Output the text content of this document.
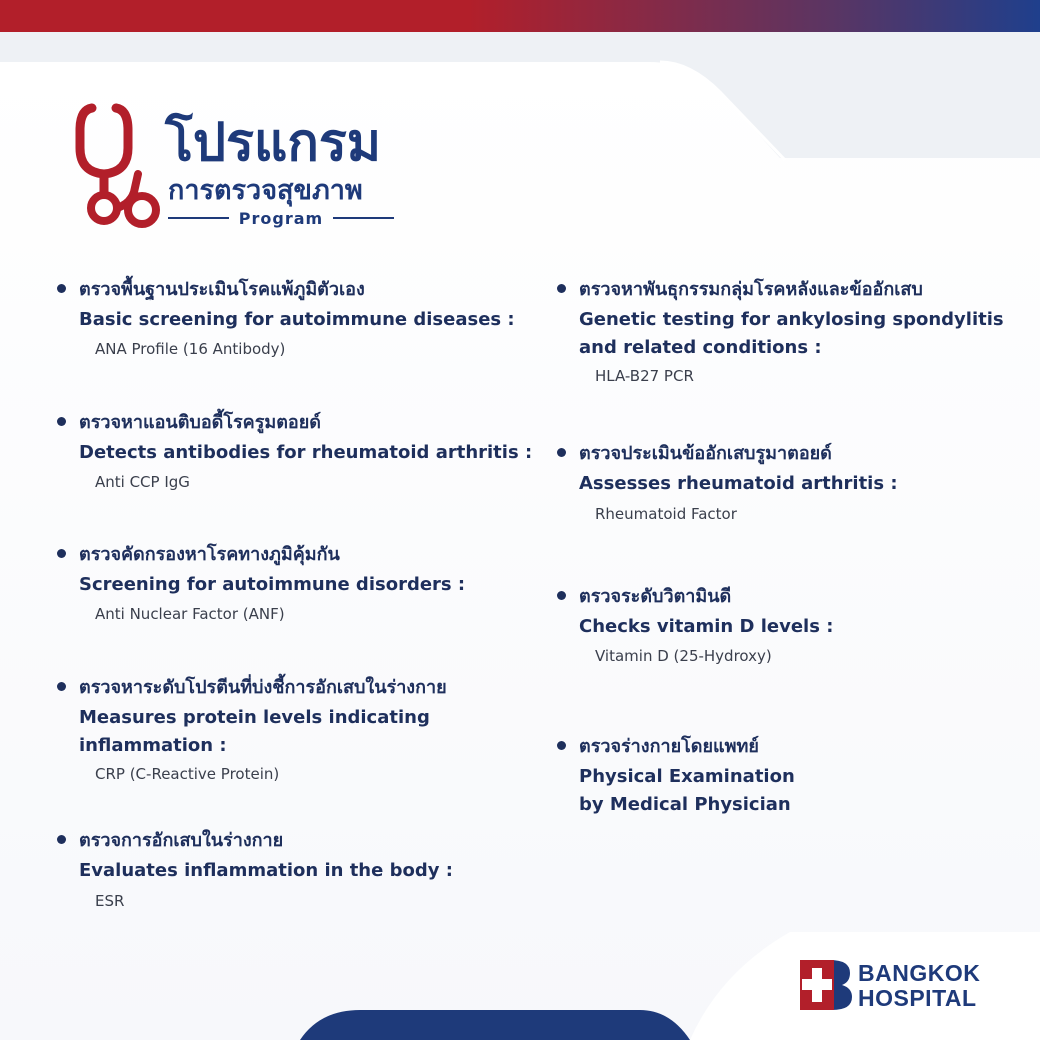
โปรแกรม
การตรวจสุขภาพ
Program
ตรวจพื้นฐานประเมินโรคแพ้ภูมิตัวเอง
Basic screening for autoimmune diseases :
ANA Profile (16 Antibody)
ตรวจหาแอนติบอดี้โรครูมตอยด์
Detects antibodies for rheumatoid arthritis :
Anti CCP IgG
ตรวจคัดกรองหาโรคทางภูมิคุ้มกัน
Screening for autoimmune disorders :
Anti Nuclear Factor (ANF)
ตรวจหาระดับโปรตีนที่บ่งชี้การอักเสบในร่างกาย
Measures protein levels indicating inflammation :
CRP (C-Reactive Protein)
ตรวจการอักเสบในร่างกาย
Evaluates inflammation in the body :
ESR
ตรวจหาพันธุกรรมกลุ่มโรคหลังและข้ออักเสบ
Genetic testing for ankylosing spondylitis and related conditions :
HLA-B27 PCR
ตรวจประเมินข้ออักเสบรูมาตอยด์
Assesses rheumatoid arthritis :
Rheumatoid Factor
ตรวจระดับวิตามินดี
Checks vitamin D levels :
Vitamin D (25-Hydroxy)
ตรวจร่างกายโดยแพทย์
Physical Examination by Medical Physician
BANGKOK
HOSPITAL
